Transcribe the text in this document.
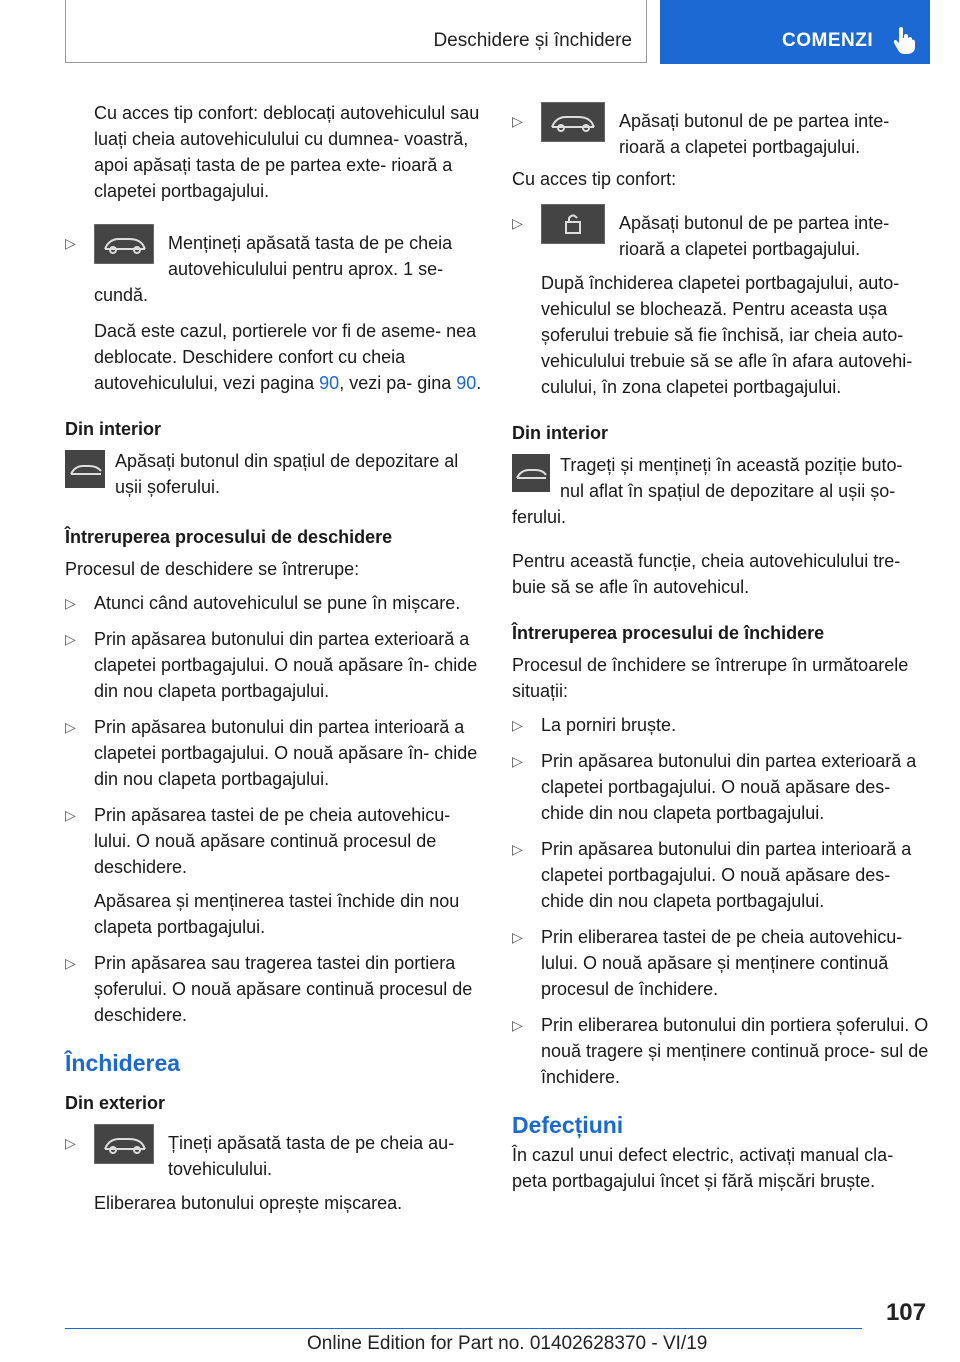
Deschidere și închidere	COMENZI

Cu acces tip confort: deblocați autovehiculul sau luați cheia autovehiculului cu dumnea‐ voastră, apoi apăsați tasta de pe partea exte‐ rioară a clapetei portbagajului.

▷	Mențineți apăsată tasta de pe cheia autovehiculului pentru aprox. 1 se‐ cundă.

Dacă este cazul, portierele vor fi de aseme‐ nea deblocate. Deschidere confort cu cheia autovehiculului, vezi pagina 90, vezi pa‐ gina 90.

Din interior

Apăsați butonul din spațiul de depozitare al ușii șoferului.

Întreruperea procesului de deschidere

Procesul de deschidere se întrerupe:

▷ Atunci când autovehiculul se pune în mișcare.
▷ Prin apăsarea butonului din partea exterioară a clapetei portbagajului. O nouă apăsare în‐ chide din nou clapeta portbagajului.
▷ Prin apăsarea butonului din partea interioară a clapetei portbagajului. O nouă apăsare în‐ chide din nou clapeta portbagajului.
▷ Prin apăsarea tastei de pe cheia autovehicu‐ lului. O nouă apăsare continuă procesul de deschidere.

Apăsarea și menținerea tastei închide din nou clapeta portbagajului.

▷ Prin apăsarea sau tragerea tastei din portiera șoferului. O nouă apăsare continuă procesul de deschidere.

Închiderea

Din exterior

▷	Țineți apăsată tasta de pe cheia au‐ tovehiculului.

Eliberarea butonului oprește mișcarea.

▷	Apăsați butonul de pe partea inte‐ rioară a clapetei portbagajului.

Cu acces tip confort:

▷	Apăsați butonul de pe partea inte‐ rioară a clapetei portbagajului.

După închiderea clapetei portbagajului, auto‐ vehiculul se blochează. Pentru aceasta ușa șoferului trebuie să fie închisă, iar cheia auto‐ vehiculului trebuie să se afle în afara autovehi‐ culului, în zona clapetei portbagajului.

Din interior

Trageți și mențineți în această poziție buto‐ nul aflat în spațiul de depozitare al ușii șo‐ ferului.

Pentru această funcție, cheia autovehiculului tre‐ buie să se afle în autovehicul.

Întreruperea procesului de închidere

Procesul de închidere se întrerupe în următoarele situații:

▷ La porniri bruște.
▷ Prin apăsarea butonului din partea exterioară a clapetei portbagajului. O nouă apăsare des‐ chide din nou clapeta portbagajului.
▷ Prin apăsarea butonului din partea interioară a clapetei portbagajului. O nouă apăsare des‐ chide din nou clapeta portbagajului.
▷ Prin eliberarea tastei de pe cheia autovehicu‐ lului. O nouă apăsare și menținere continuă procesul de închidere.
▷ Prin eliberarea butonului din portiera șoferului. O nouă tragere și menținere continuă proce‐ sul de închidere.

Defecțiuni

În cazul unui defect electric, activați manual cla‐ peta portbagajului încet și fără mișcări bruște.

107
Online Edition for Part no. 01402628370 - VI/19
